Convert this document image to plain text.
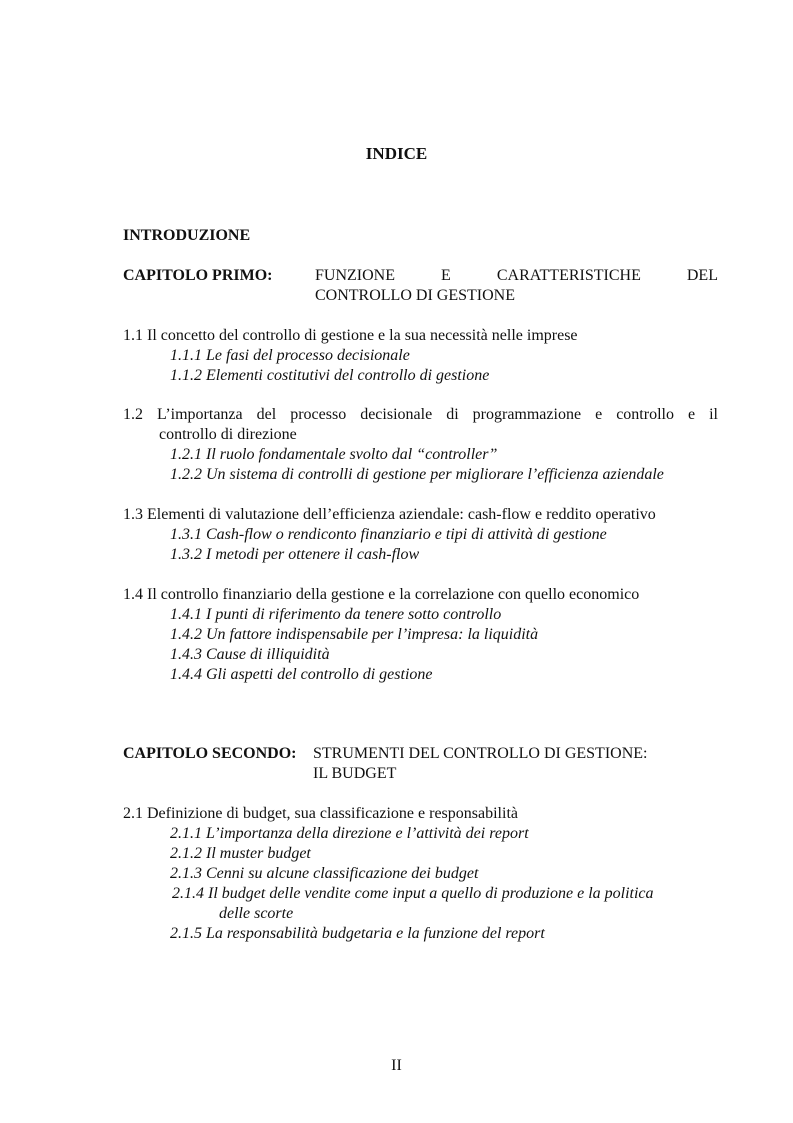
INDICE
INTRODUZIONE
CAPITOLO PRIMO:	FUNZIONE	E	CARATTERISTICHE	DEL
CONTROLLO DI GESTIONE
1.1 Il concetto del controllo di gestione e la sua necessità nelle imprese
1.1.1 Le fasi del processo decisionale
1.1.2 Elementi costitutivi del controllo di gestione
1.2 L’importanza del processo decisionale di programmazione e controllo e il
controllo di direzione
1.2.1 Il ruolo fondamentale svolto dal “controller”
1.2.2 Un sistema di controlli di gestione per migliorare l’efficienza aziendale
1.3 Elementi di valutazione dell’efficienza aziendale: cash-flow e reddito operativo
1.3.1 Cash-flow o rendiconto finanziario e tipi di attività di gestione
1.3.2 I metodi per ottenere il cash-flow
1.4 Il controllo finanziario della gestione e la correlazione con quello economico
1.4.1 I punti di riferimento da tenere sotto controllo
1.4.2 Un fattore indispensabile per l’impresa: la liquidità
1.4.3 Cause di illiquidità
1.4.4 Gli aspetti del controllo di gestione
CAPITOLO SECONDO: STRUMENTI DEL CONTROLLO DI GESTIONE:
IL BUDGET
2.1 Definizione di budget, sua classificazione e responsabilità
2.1.1 L’importanza della direzione e l’attività dei report
2.1.2 Il muster budget
2.1.3 Cenni su alcune classificazione dei budget
2.1.4 Il budget delle vendite come input a quello di produzione e la politica
delle scorte
2.1.5 La responsabilità budgetaria e la funzione del report
II
